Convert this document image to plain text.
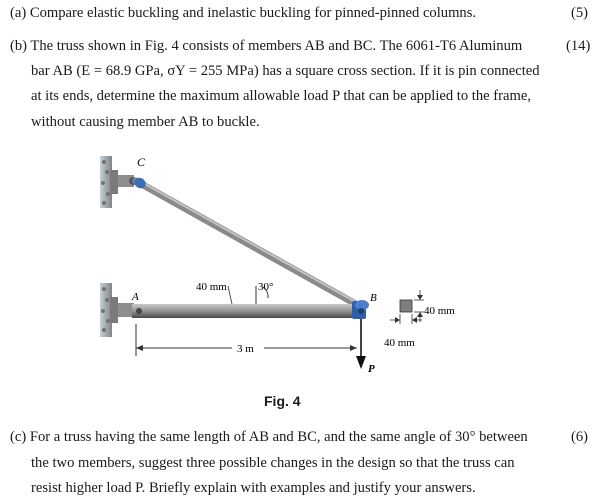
(a) Compare elastic buckling and inelastic buckling for pinned-pinned columns.	(5)
(b) The truss shown in Fig. 4 consists of members AB and BC. The 6061-T6 Aluminum	(14)
bar AB (E = 68.9 GPa, σY = 255 MPa) has a square cross section. If it is pin connected
at its ends, determine the maximum allowable load P that can be applied to the frame,
without causing member AB to buckle.
C
A	B
P
40 mm	30°
3 m
40 mm
40 mm
Fig. 4
(c) For a truss having the same length of AB and BC, and the same angle of 30° between	(6)
the two members, suggest three possible changes in the design so that the truss can
resist higher load P. Briefly explain with examples and justify your answers.
